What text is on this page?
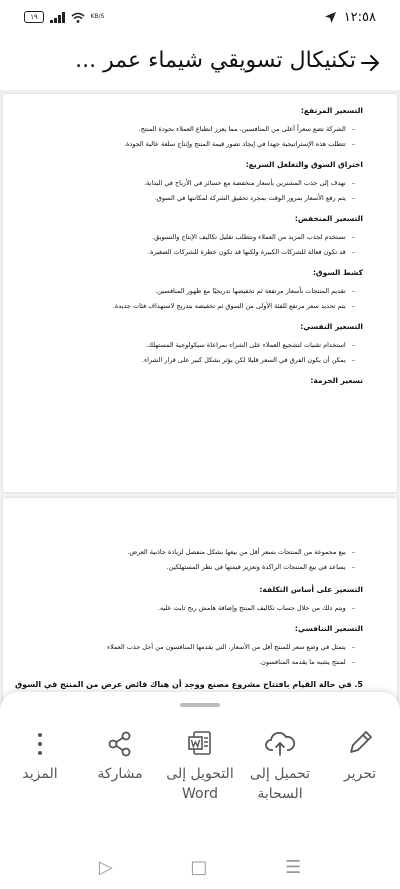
١٩	KB/S	١٢:٥٨
تكنيكال تسويقي شيماء عمر ...
التسعير المرتفع:
– الشركة تضع سعراً أعلى من المنافسين، مما يعزز انطباع العملاء بجودة المنتج.
– تتطلب هذه الإستراتيجية جهدا في إيجاد تصور قيمة المنتج وإنتاج سلعة عالية الجودة.
اختراق السوق والتغلغل السريع:
– تهدف إلى جذب المشترين بأسعار منخفضة مع خسائر في الأرباح في البداية.
– يتم رفع الأسعار بمرور الوقت بمجرد تحقيق الشركة لمكانتها في السوق.
التسعير المنخفض:
– تستخدم لجذب المزيد من العملاء وتتطلب تقليل تكاليف الإنتاج والتسويق.
– قد تكون فعالة للشركات الكبيرة ولكنها قد تكون خطرة للشركات الصغيرة.
كشط السوق:
– تقديم المنتجات بأسعار مرتفعة ثم تخفيضها تدريجيًا مع ظهور المنافسين.
– يتم تحديد سعر مرتفع للفئة الأولى من السوق ثم تخفيضه بتدريج لاستهداف فئات جديدة.
التسعير النفسي:
– استخدام تقنيات لتشجيع العملاء على الشراء بمراعاة سيكولوجية المستهلك.
– يمكن أن يكون الفرق في السعر قليلا لكن يؤثر بشكل كبير على قرار الشراء.
تسعير الحزمة:
– بيع مجموعة من المنتجات بسعر أقل من بيعها بشكل منفصل لزيادة جاذبية العرض.
– يساعد في بيع المنتجات الراكدة وتعزيز قيمتها في نظر المستهلكين.
التسعير على أساس التكلفة:
– ويتم ذلك من خلال حساب تكاليف المنتج وإضافة هامش ربح ثابت عليه.
التسعير التنافسي:
– يتمثل في وضع سعر للمنتج أقل من الأسعار، التي يقدمها المنافسون من أجل جذب العملاء
– لمنتج يشبه ما يقدمه المنافسون.
5. في حالة القيام بافتتاح مشروع مصنع ووجد أن هناك فائض عرض من المنتج في السوق
تحرير
تحميل إلى
السحابة
التحويل إلى
Word
مشاركة
المزيد
▷	□	☰
